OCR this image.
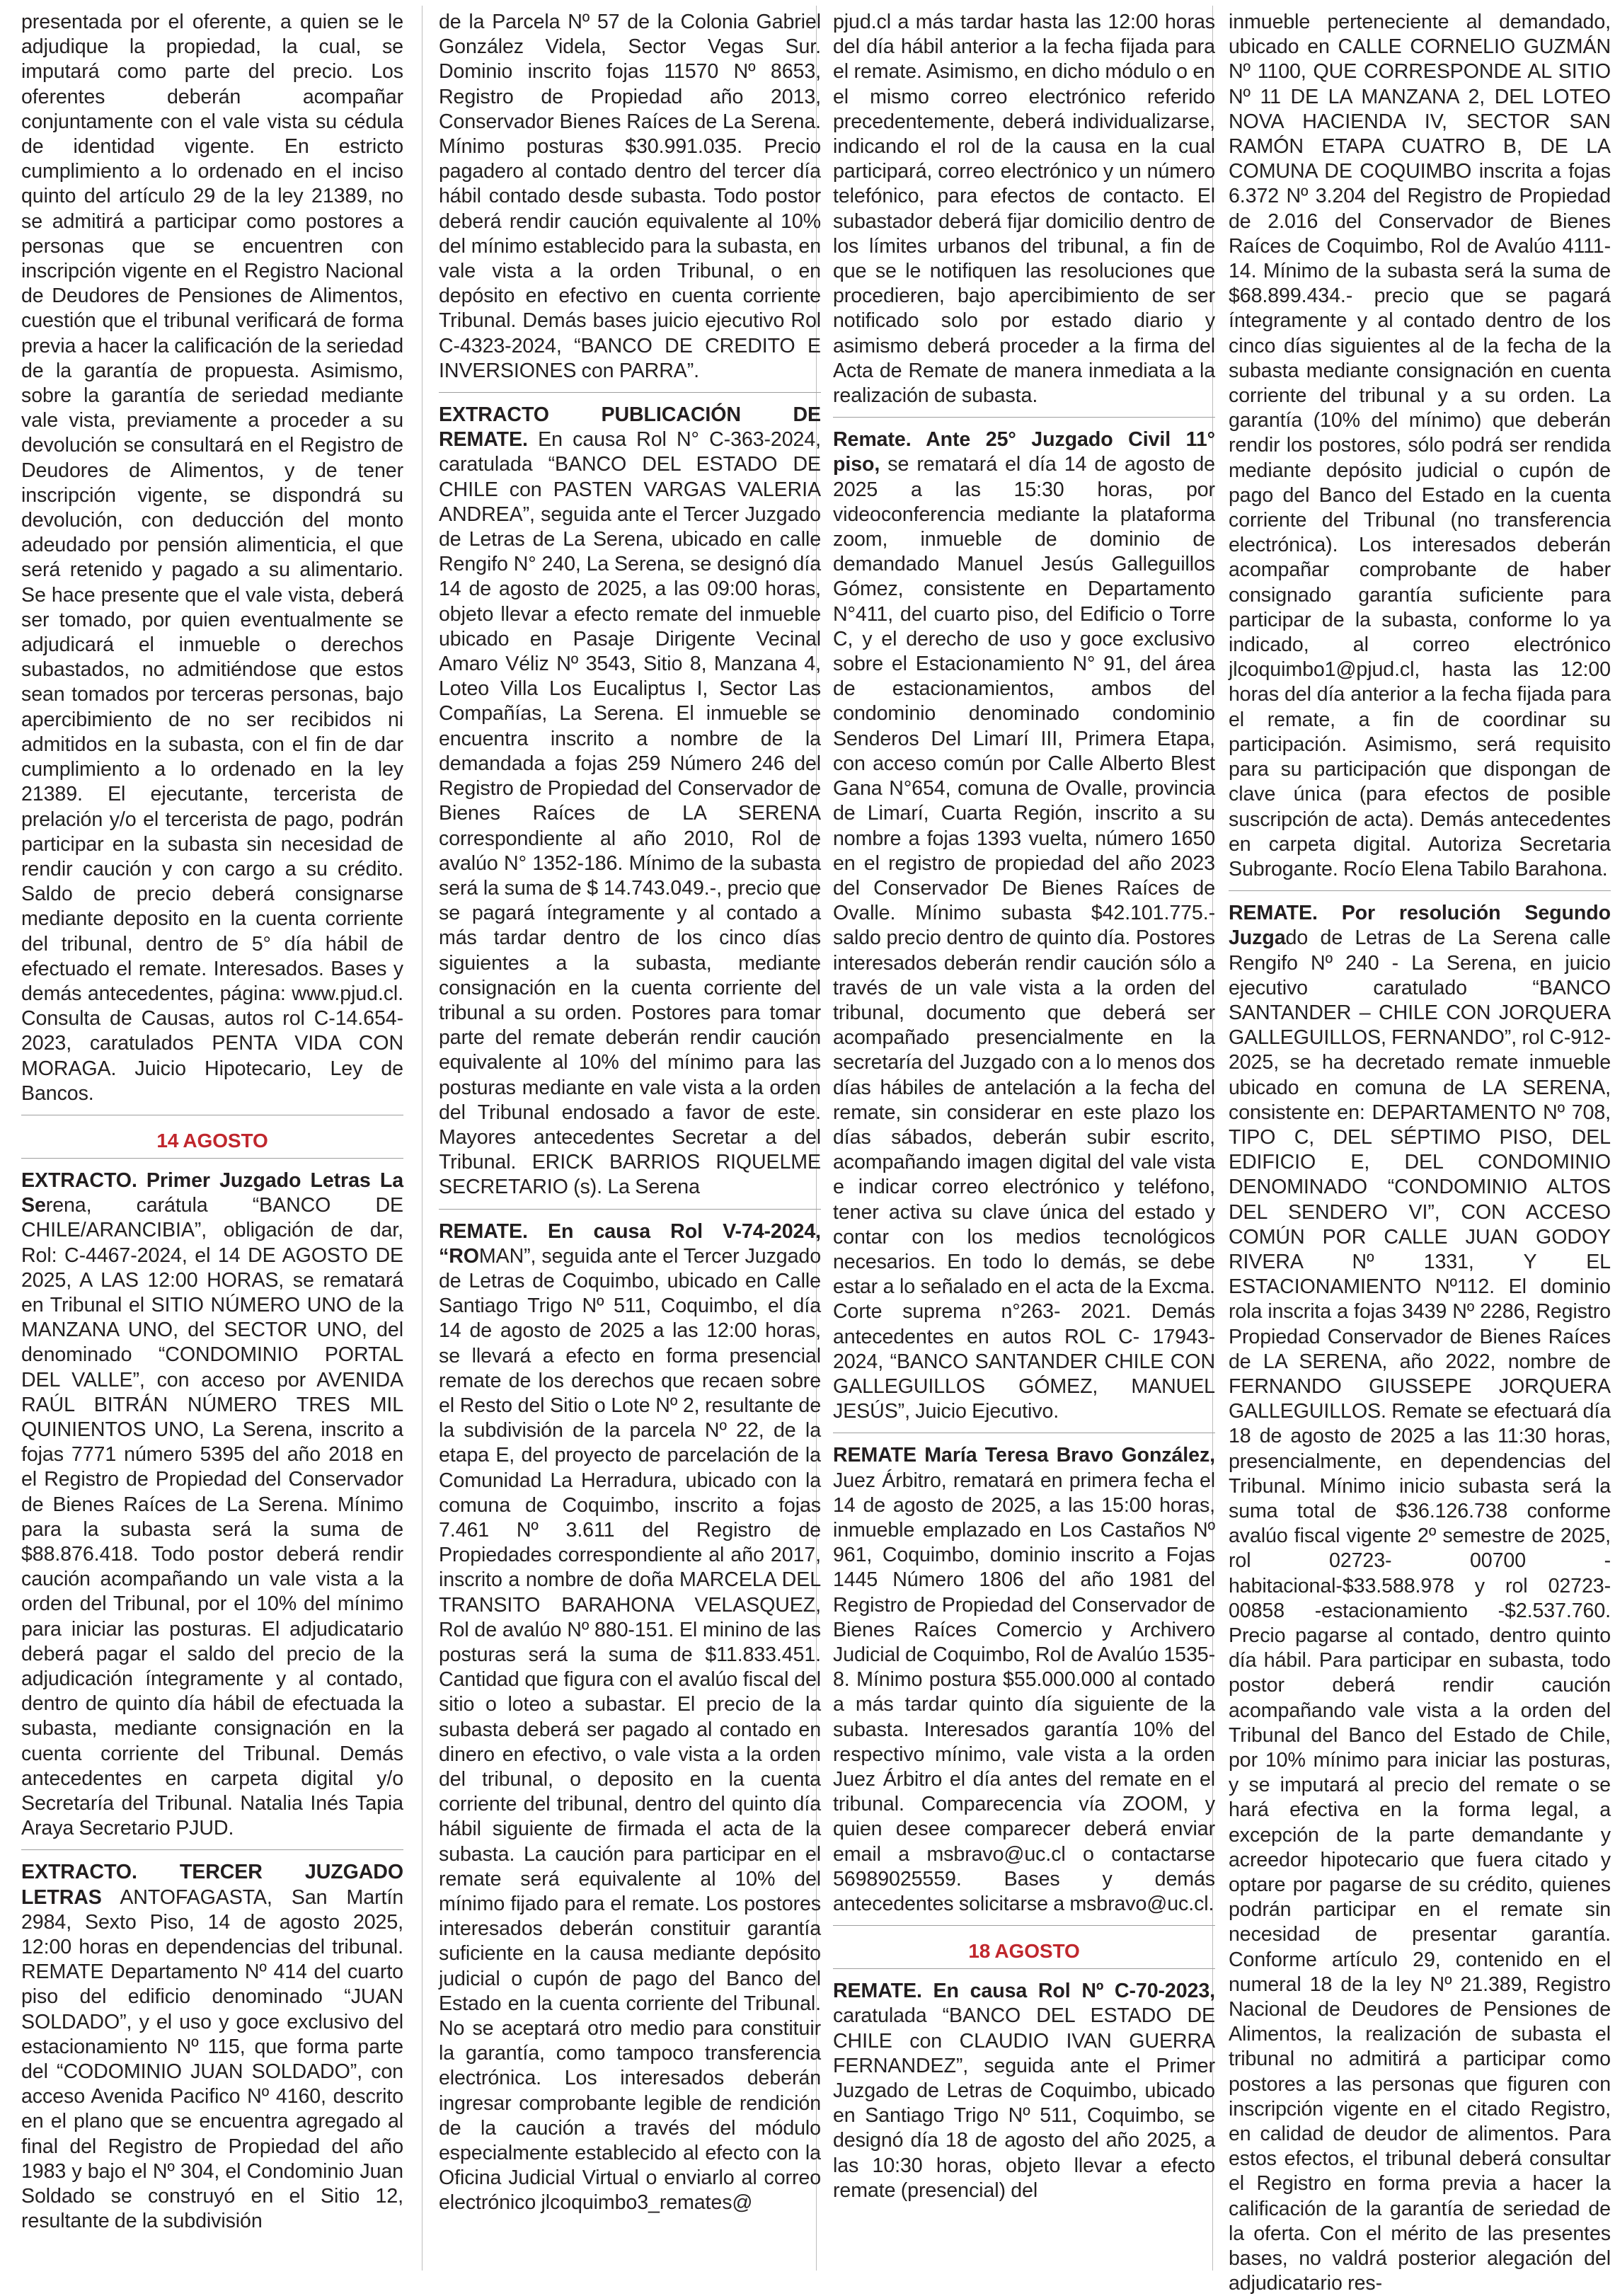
presentada por el oferente, a quien se le adjudique la propiedad, la cual, se imputará como parte del precio. Los oferentes deberán acompañar conjuntamente con el vale vista su cédula de identidad vigente. En estricto cumplimiento a lo ordenado en el inciso quinto del artículo 29 de la ley 21389, no se admitirá a participar como postores a personas que se encuentren con inscripción vigente en el Registro Nacional de Deudores de Pensiones de Alimentos, cuestión que el tribunal verificará de forma previa a hacer la calificación de la seriedad de la garantía de propuesta. Asimismo, sobre la garantía de seriedad mediante vale vista, previamente a proceder a su devolución se consultará en el Registro de Deudores de Alimentos, y de tener inscripción vigente, se dispondrá su devolución, con deducción del monto adeudado por pensión alimenticia, el que será retenido y pagado a su alimentario. Se hace presente que el vale vista, deberá ser tomado, por quien eventualmente se adjudicará el inmueble o derechos subastados, no admitiéndose que estos sean tomados por terceras personas, bajo apercibimiento de no ser recibidos ni admitidos en la subasta, con el fin de dar cumplimiento a lo ordenado en la ley 21389. El ejecutante, tercerista de prelación y/o el tercerista de pago, podrán participar en la subasta sin necesidad de rendir caución y con cargo a su crédito. Saldo de precio deberá consignarse mediante deposito en la cuenta corriente del tribunal, dentro de 5° día hábil de efectuado el remate. Interesados. Bases y demás antecedentes, página: www.pjud.cl. Consulta de Causas, autos rol C-14.654-2023, caratulados PENTA VIDA CON MORAGA. Juicio Hipotecario, Ley de Bancos.

14 AGOSTO

EXTRACTO. Primer Juzgado Letras La Serena, carátula “BANCO DE CHILE/ARANCIBIA”, obligación de dar, Rol: C-4467-2024, el 14 DE AGOSTO DE 2025, A LAS 12:00 HORAS, se rematará en Tribunal el SITIO NÚMERO UNO de la MANZANA UNO, del SECTOR UNO, del denominado “CONDOMINIO PORTAL DEL VALLE”, con acceso por AVENIDA RAÚL BITRÁN NÚMERO TRES MIL QUINIENTOS UNO, La Serena, inscrito a fojas 7771 número 5395 del año 2018 en el Registro de Propiedad del Conservador de Bienes Raíces de La Serena. Mínimo para la subasta será la suma de $88.876.418. Todo postor deberá rendir caución acompañando un vale vista a la orden del Tribunal, por el 10% del mínimo para iniciar las posturas. El adjudicatario deberá pagar el saldo del precio de la adjudicación íntegramente y al contado, dentro de quinto día hábil de efectuada la subasta, mediante consignación en la cuenta corriente del Tribunal. Demás antecedentes en carpeta digital y/o Secretaría del Tribunal. Natalia Inés Tapia Araya Secretario PJUD.

EXTRACTO. TERCER JUZGADO LETRAS ANTOFAGASTA, San Martín 2984, Sexto Piso, 14 de agosto 2025, 12:00 horas en dependencias del tribunal. REMATE Departamento Nº 414 del cuarto piso del edificio denominado “JUAN SOLDADO”, y el uso y goce exclusivo del estacionamiento Nº 115, que forma parte del “CODOMINIO JUAN SOLDADO”, con acceso Avenida Pacifico Nº 4160, descrito en el plano que se encuentra agregado al final del Registro de Propiedad del año 1983 y bajo el Nº 304, el Condominio Juan Soldado se construyó en el Sitio 12, resultante de la subdivisión

de la Parcela Nº 57 de la Colonia Gabriel González Videla, Sector Vegas Sur. Dominio inscrito fojas 11570 Nº 8653, Registro de Propiedad año 2013, Conservador Bienes Raíces de La Serena. Mínimo posturas $30.991.035. Precio pagadero al contado dentro del tercer día hábil contado desde subasta. Todo postor deberá rendir caución equivalente al 10% del mínimo establecido para la subasta, en vale vista a la orden Tribunal, o en depósito en efectivo en cuenta corriente Tribunal. Demás bases juicio ejecutivo Rol C-4323-2024, “BANCO DE CREDITO E INVERSIONES con PARRA”.

EXTRACTO PUBLICACIÓN DE REMATE. En causa Rol N° C-363-2024, caratulada “BANCO DEL ESTADO DE CHILE con PASTEN VARGAS VALERIA ANDREA”, seguida ante el Tercer Juzgado de Letras de La Serena, ubicado en calle Rengifo N° 240, La Serena, se designó día 14 de agosto de 2025, a las 09:00 horas, objeto llevar a efecto remate del inmueble ubicado en Pasaje Dirigente Vecinal Amaro Véliz Nº 3543, Sitio 8, Manzana 4, Loteo Villa Los Eucaliptus I, Sector Las Compañías, La Serena. El inmueble se encuentra inscrito a nombre de la demandada a fojas 259 Número 246 del Registro de Propiedad del Conservador de Bienes Raíces de LA SERENA correspondiente al año 2010, Rol de avalúo N° 1352-186. Mínimo de la subasta será la suma de $ 14.743.049.-, precio que se pagará íntegramente y al contado a más tardar dentro de los cinco días siguientes a la subasta, mediante consignación en la cuenta corriente del tribunal a su orden. Postores para tomar parte del remate deberán rendir caución equivalente al 10% del mínimo para las posturas mediante en vale vista a la orden del Tribunal endosado a favor de este. Mayores antecedentes Secretar a del Tribunal. ERICK BARRIOS RIQUELME SECRETARIO (s). La Serena

REMATE. En causa Rol V-74-2024, “ROMAN”, seguida ante el Tercer Juzgado de Letras de Coquimbo, ubicado en Calle Santiago Trigo Nº 511, Coquimbo, el día 14 de agosto de 2025 a las 12:00 horas, se llevará a efecto en forma presencial remate de los derechos que recaen sobre el Resto del Sitio o Lote Nº 2, resultante de la subdivisión de la parcela Nº 22, de la etapa E, del proyecto de parcelación de la Comunidad La Herradura, ubicado con la comuna de Coquimbo, inscrito a fojas 7.461 Nº 3.611 del Registro de Propiedades correspondiente al año 2017, inscrito a nombre de doña MARCELA DEL TRANSITO BARAHONA VELASQUEZ, Rol de avalúo Nº 880-151. El minino de las posturas será la suma de $11.833.451. Cantidad que figura con el avalúo fiscal del sitio o loteo a subastar. El precio de la subasta deberá ser pagado al contado en dinero en efectivo, o vale vista a la orden del tribunal, o deposito en la cuenta corriente del tribunal, dentro del quinto día hábil siguiente de firmada el acta de la subasta. La caución para participar en el remate será equivalente al 10% del mínimo fijado para el remate. Los postores interesados deberán constituir garantía suficiente en la causa mediante depósito judicial o cupón de pago del Banco del Estado en la cuenta corriente del Tribunal. No se aceptará otro medio para constituir la garantía, como tampoco transferencia electrónica. Los interesados deberán ingresar comprobante legible de rendición de la caución a través del módulo especialmente establecido al efecto con la Oficina Judicial Virtual o enviarlo al correo electrónico jlcoquimbo3_remates@

pjud.cl a más tardar hasta las 12:00 horas del día hábil anterior a la fecha fijada para el remate. Asimismo, en dicho módulo o en el mismo correo electrónico referido precedentemente, deberá individualizarse, indicando el rol de la causa en la cual participará, correo electrónico y un número telefónico, para efectos de contacto. El subastador deberá fijar domicilio dentro de los límites urbanos del tribunal, a fin de que se le notifiquen las resoluciones que procedieren, bajo apercibimiento de ser notificado solo por estado diario y asimismo deberá proceder a la firma del Acta de Remate de manera inmediata a la realización de subasta.

Remate. Ante 25° Juzgado Civil 11° piso, se rematará el día 14 de agosto de 2025 a las 15:30 horas, por videoconferencia mediante la plataforma zoom, inmueble de dominio de demandado Manuel Jesús Galleguillos Gómez, consistente en Departamento N°411, del cuarto piso, del Edificio o Torre C, y el derecho de uso y goce exclusivo sobre el Estacionamiento N° 91, del área de estacionamientos, ambos del condominio denominado condominio Senderos Del Limarí III, Primera Etapa, con acceso común por Calle Alberto Blest Gana N°654, comuna de Ovalle, provincia de Limarí, Cuarta Región, inscrito a su nombre a fojas 1393 vuelta, número 1650 en el registro de propiedad del año 2023 del Conservador De Bienes Raíces de Ovalle. Mínimo subasta $42.101.775.- saldo precio dentro de quinto día. Postores interesados deberán rendir caución sólo a través de un vale vista a la orden del tribunal, documento que deberá ser acompañado presencialmente en la secretaría del Juzgado con a lo menos dos días hábiles de antelación a la fecha del remate, sin considerar en este plazo los días sábados, deberán subir escrito, acompañando imagen digital del vale vista e indicar correo electrónico y teléfono, tener activa su clave única del estado y contar con los medios tecnológicos necesarios. En todo lo demás, se debe estar a lo señalado en el acta de la Excma. Corte suprema n°263- 2021. Demás antecedentes en autos ROL C- 17943-2024, “BANCO SANTANDER CHILE CON GALLEGUILLOS GÓMEZ, MANUEL JESÚS”, Juicio Ejecutivo.

REMATE María Teresa Bravo González, Juez Árbitro, rematará en primera fecha el 14 de agosto de 2025, a las 15:00 horas, inmueble emplazado en Los Castaños Nº 961, Coquimbo, dominio inscrito a Fojas 1445 Número 1806 del año 1981 del Registro de Propiedad del Conservador de Bienes Raíces Comercio y Archivero Judicial de Coquimbo, Rol de Avalúo 1535-8. Mínimo postura $55.000.000 al contado a más tardar quinto día siguiente de la subasta. Interesados garantía 10% del respectivo mínimo, vale vista a la orden Juez Árbitro el día antes del remate en el tribunal. Comparecencia vía ZOOM, y quien desee comparecer deberá enviar email a msbravo@uc.cl o contactarse 56989025559. Bases y demás antecedentes solicitarse a msbravo@uc.cl.

18 AGOSTO

REMATE. En causa Rol Nº C-70-2023, caratulada “BANCO DEL ESTADO DE CHILE con CLAUDIO IVAN GUERRA FERNANDEZ”, seguida ante el Primer Juzgado de Letras de Coquimbo, ubicado en Santiago Trigo Nº 511, Coquimbo, se designó día 18 de agosto del año 2025, a las 10:30 horas, objeto llevar a efecto remate (presencial) del

inmueble perteneciente al demandado, ubicado en CALLE CORNELIO GUZMÁN Nº 1100, QUE CORRESPONDE AL SITIO Nº 11 DE LA MANZANA 2, DEL LOTEO NOVA HACIENDA IV, SECTOR SAN RAMÓN ETAPA CUATRO B, DE LA COMUNA DE COQUIMBO inscrita a fojas 6.372 Nº 3.204 del Registro de Propiedad de 2.016 del Conservador de Bienes Raíces de Coquimbo, Rol de Avalúo 4111-14. Mínimo de la subasta será la suma de $68.899.434.- precio que se pagará íntegramente y al contado dentro de los cinco días siguientes al de la fecha de la subasta mediante consignación en cuenta corriente del tribunal y a su orden. La garantía (10% del mínimo) que deberán rendir los postores, sólo podrá ser rendida mediante depósito judicial o cupón de pago del Banco del Estado en la cuenta corriente del Tribunal (no transferencia electrónica). Los interesados deberán acompañar comprobante de haber consignado garantía suficiente para participar de la subasta, conforme lo ya indicado, al correo electrónico jlcoquimbo1@pjud.cl, hasta las 12:00 horas del día anterior a la fecha fijada para el remate, a fin de coordinar su participación. Asimismo, será requisito para su participación que dispongan de clave única (para efectos de posible suscripción de acta). Demás antecedentes en carpeta digital. Autoriza Secretaria Subrogante. Rocío Elena Tabilo Barahona.

REMATE. Por resolución Segundo Juzgado de Letras de La Serena calle Rengifo Nº 240 - La Serena, en juicio ejecutivo caratulado “BANCO SANTANDER – CHILE CON JORQUERA GALLEGUILLOS, FERNANDO”, rol C-912-2025, se ha decretado remate inmueble ubicado en comuna de LA SERENA, consistente en: DEPARTAMENTO Nº 708, TIPO C, DEL SÉPTIMO PISO, DEL EDIFICIO E, DEL CONDOMINIO DENOMINADO “CONDOMINIO ALTOS DEL SENDERO VI”, CON ACCESO COMÚN POR CALLE JUAN GODOY RIVERA Nº 1331, Y EL ESTACIONAMIENTO Nº112. El dominio rola inscrita a fojas 3439 Nº 2286, Registro Propiedad Conservador de Bienes Raíces de LA SERENA, año 2022, nombre de FERNANDO GIUSSEPE JORQUERA GALLEGUILLOS. Remate se efectuará día 18 de agosto de 2025 a las 11:30 horas, presencialmente, en dependencias del Tribunal. Mínimo inicio subasta será la suma total de $36.126.738 conforme avalúo fiscal vigente 2º semestre de 2025, rol 02723- 00700 -habitacional-$33.588.978 y rol 02723-00858 -estacionamiento -$2.537.760. Precio pagarse al contado, dentro quinto día hábil. Para participar en subasta, todo postor deberá rendir caución acompañando vale vista a la orden del Tribunal del Banco del Estado de Chile, por 10% mínimo para iniciar las posturas, y se imputará al precio del remate o se hará efectiva en la forma legal, a excepción de la parte demandante y acreedor hipotecario que fuera citado y optare por pagarse de su crédito, quienes podrán participar en el remate sin necesidad de presentar garantía. Conforme artículo 29, contenido en el numeral 18 de la ley Nº 21.389, Registro Nacional de Deudores de Pensiones de Alimentos, la realización de subasta el tribunal no admitirá a participar como postores a las personas que figuren con inscripción vigente en el citado Registro, en calidad de deudor de alimentos. Para estos efectos, el tribunal deberá consultar el Registro en forma previa a hacer la calificación de la garantía de seriedad de la oferta. Con el mérito de las presentes bases, no valdrá posterior alegación del adjudicatario res-
